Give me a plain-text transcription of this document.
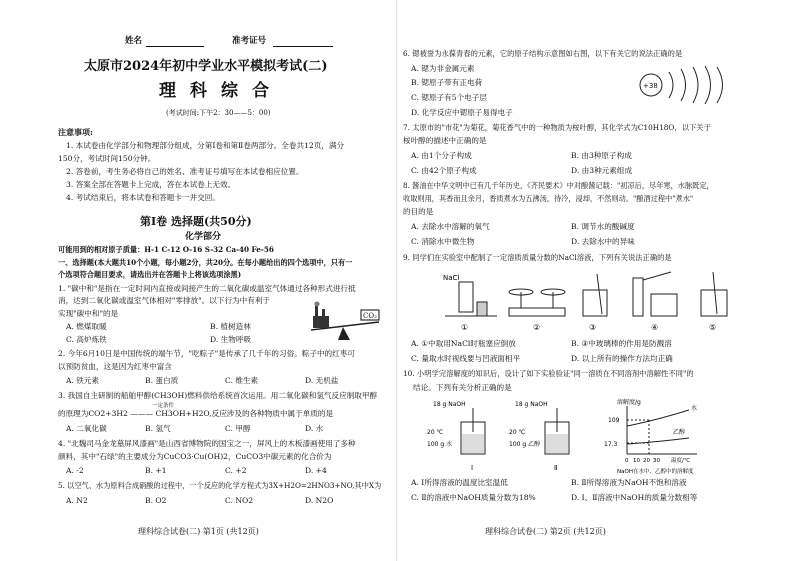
姓名	准考证号
太原市2024年初中学业水平模拟考试(二)
理科综合
(考试时间:下午2：30——5：00)
注意事项:
1. 本试卷由化学部分和物理部分组成，分第Ⅰ卷和第Ⅱ卷两部分。全卷共12页，满分
150分，考试时间150分钟。
2. 答卷前，考生务必将自己的姓名、准考证号填写在本试卷相应位置。
3. 答案全部在答题卡上完成，答在本试卷上无效。
4. 考试结束后，将本试卷和答题卡一并交回。
第Ⅰ卷 选择题(共50分)
化学部分
可能用到的相对原子质量：H-1 C-12 O-16 S-32 Ca-40 Fe-56
一、选择题(本大题共10个小题，每小题2分，共20分。在每小题给出的四个选项中，只有一
个选项符合题目要求，请选出并在答题卡上将该选项涂黑)
1. "碳中和"是指在一定时间内直接或间接产生的二氧化碳或温室气体通过各种形式进行抵
消，达到二氧化碳或温室气体相对"零排放"。以下行为中有利于
实现"碳中和"的是	CO₂
A. 燃煤取暖	B. 植树造林
C. 高炉炼铁	D. 生物呼吸
2. 今年6月10日是中国传统的端午节，"吃粽子"是传承了几千年的习俗。粽子中的红枣可
以预防贫血，这是因为红枣中富含
A. 铁元素	B. 蛋白质	C. 维生素	D. 无机盐
3. 我国自主研制的船舶甲醇(CH3OH)燃料供给系统首次运用。用二氧化碳和氢气反应制取甲醇
一定条件
的原理为CO2+3H2 ——— CH3OH+H2O,反应涉及的各种物质中属于单质的是
A. 二氧化碳	B. 氢气	C. 甲醇	D. 水
4. "北魏司马金龙墓屏风漆画"是山西省博物院的国宝之一，屏风上的木板漆画使用了多种
颜料，其中"石绿"的主要成分为CuCO3·Cu(OH)2，CuCO3中碳元素的化合价为
A. -2	B. +1	C. +2	D. +4
5. 以空气、水为原料合成硝酸的过程中，一个反应的化学方程式为3X+H2O=2HNO3+NO,其中X为
A. N2	B. O2	C. NO2	D. N2O
理科综合试卷(二) 第1页 (共12页)
6. 锶被誉为永葆青春的元素，它的原子结构示意图如右图，以下有关它的说法正确的是
A. 锶为非金属元素
B. 锶原子带有正电荷
C. 锶原子有5个电子层
D. 化学反应中锶原子易得电子
+38
7. 太原市的"市花"为菊花，菊花香气中的一种物质为桉叶醇，其化学式为C10H18O，以下关于
桉叶醇的描述中正确的是
A. 由1个分子构成	B. 由3种原子构成
C. 由42个原子构成	D. 由3种元素组成
8. 酱油在中华文明中已有几千年历史，《齐民要术》中对酿酱记载："初凉后，尽年寒，水脉既定，
收取则用，其香而且余月，香质煮水为五沸汤，待冷，浸却，不然则动。"酿酒过程中"煮水"
的目的是
A. 去除水中溶解的氧气	B. 调节水的酸碱度
C. 消除水中微生物	D. 去除水中的异味
9. 同学们在实验室中配制了一定溶质质量分数的NaCl溶液，下列有关说法正确的是
NaCl
①	②	③	④	⑤
A. ①中取用NaCl时瓶塞应倒放	B. ③中玻璃棒的作用是防溅溶
C. 量取水时视线要与凹液面相平	D. 以上所有的操作方法均正确
10. 小明学完溶解度的知识后，设计了如下实验验证"同一溶质在不同溶剂中溶解性不同"的
结论。下列有关分析正确的是
18 g NaOH
20 ℃
100 g 水
Ⅰ
18 g NaOH
20 ℃
100 g 乙醇
Ⅱ
溶解度/g
109
17.3
水
乙醇
0 10 20 30 温度/℃
NaOH在水中、乙醇中的溶解度
A. Ⅰ所得溶液的温度比室温低	B. Ⅱ所得溶液为NaOH不饱和溶液
C. Ⅱ的溶液中NaOH质量分数为18%	D. Ⅰ、Ⅱ溶液中NaOH的质量分数相等
理科综合试卷(二) 第2页 (共12页)
